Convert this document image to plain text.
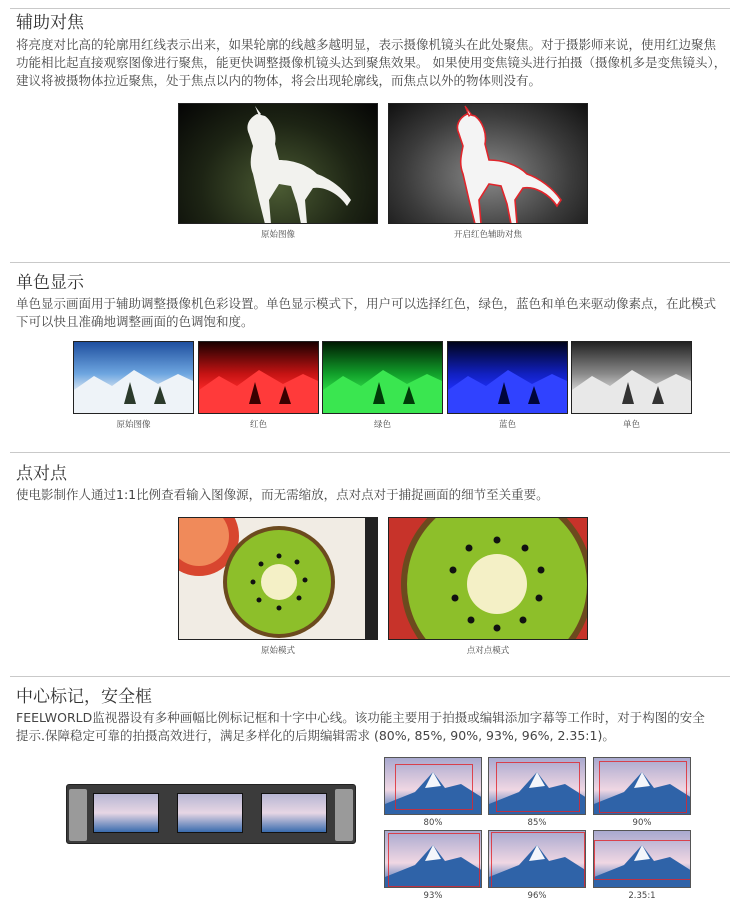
辅助对焦

将亮度对比高的轮廓用红线表示出来，如果轮廓的线越多越明显，表示摄像机镜头在此处聚焦。对于摄影师来说，使用红边聚焦功能相比起直接观察图像进行聚焦，能更快调整摄像机镜头达到聚焦效果。 如果使用变焦镜头进行拍摄（摄像机多是变焦镜头），建议将被摄物体拉近聚焦，处于焦点以内的物体，将会出现轮廓线，而焦点以外的物体则没有。

原始图像	开启红色辅助对焦
单色显示

单色显示画面用于辅助调整摄像机色彩设置。单色显示模式下，用户可以选择红色，绿色，蓝色和单色来驱动像素点，在此模式下可以快且准确地调整画面的色调饱和度。

原始图像	红色	绿色	蓝色	单色
点对点

使电影制作人通过1:1比例查看输入图像源，而无需缩放，点对点对于捕捉画面的细节至关重要。

原始模式	点对点模式
中心标记，安全框

FEELWORLD监视器设有多种画幅比例标记框和十字中心线。该功能主要用于拍摄或编辑添加字幕等工作时，对于构图的安全提示.保障稳定可靠的拍摄高效进行，满足多样化的后期编辑需求 (80%, 85%, 90%, 93%, 96%, 2.35:1)。

80%	85%	90%
93%	96%	2.35:1
